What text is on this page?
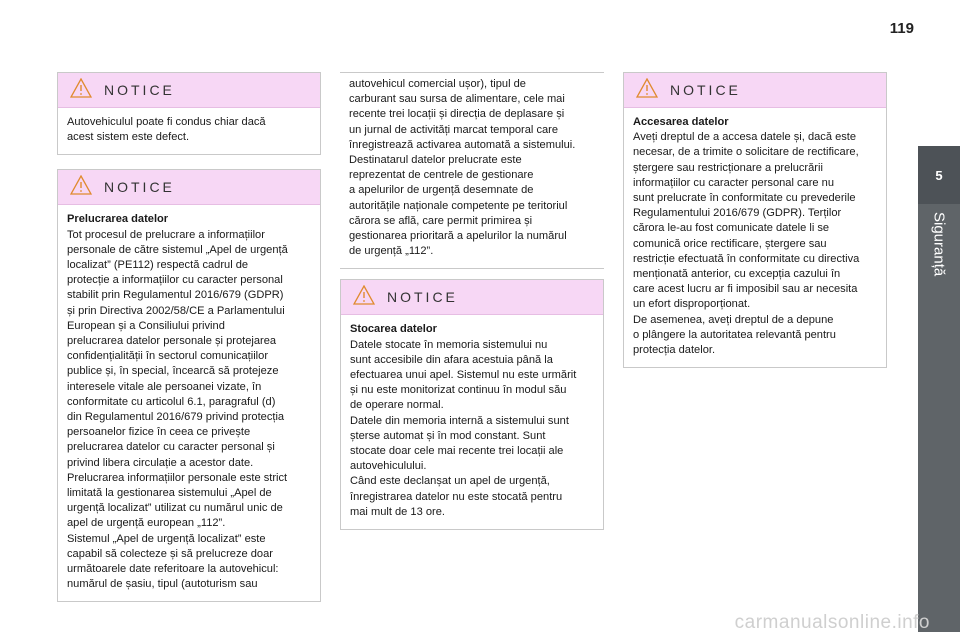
119
5
Siguranță
NOTICE
Autovehiculul poate fi condus chiar dacă
acest sistem este defect.
NOTICE
Prelucrarea datelor
Tot procesul de prelucrare a informațiilor
personale de către sistemul „Apel de urgență
localizat” (PE112) respectă cadrul de
protecție a informațiilor cu caracter personal
stabilit prin Regulamentul 2016/679 (GDPR)
și prin Directiva 2002/58/CE a Parlamentului
European și a Consiliului privind
prelucrarea datelor personale și protejarea
confidențialității în sectorul comunicațiilor
publice și, în special, încearcă să protejeze
interesele vitale ale persoanei vizate, în
conformitate cu articolul 6.1, paragraful (d)
din Regulamentul 2016/679 privind protecția
persoanelor fizice în ceea ce privește
prelucrarea datelor cu caracter personal și
privind libera circulație a acestor date.
Prelucrarea informațiilor personale este strict
limitată la gestionarea sistemului „Apel de
urgență localizat” utilizat cu numărul unic de
apel de urgență european „112”.
Sistemul „Apel de urgență localizat” este
capabil să colecteze și să prelucreze doar
următoarele date referitoare la autovehicul:
numărul de șasiu, tipul (autoturism sau
autovehicul comercial ușor), tipul de
carburant sau sursa de alimentare, cele mai
recente trei locații și direcția de deplasare și
un jurnal de activități marcat temporal care
înregistrează activarea automată a sistemului.
Destinatarul datelor prelucrate este
reprezentat de centrele de gestionare
a apelurilor de urgență desemnate de
autoritățile naționale competente pe teritoriul
cărora se află, care permit primirea și
gestionarea prioritară a apelurilor la numărul
de urgență „112”.
NOTICE
Stocarea datelor
Datele stocate în memoria sistemului nu
sunt accesibile din afara acestuia până la
efectuarea unui apel. Sistemul nu este urmărit
și nu este monitorizat continuu în modul său
de operare normal.
Datele din memoria internă a sistemului sunt
șterse automat și în mod constant. Sunt
stocate doar cele mai recente trei locații ale
autovehiculului.
Când este declanșat un apel de urgență,
înregistrarea datelor nu este stocată pentru
mai mult de 13 ore.
NOTICE
Accesarea datelor
Aveți dreptul de a accesa datele și, dacă este
necesar, de a trimite o solicitare de rectificare,
ștergere sau restricționare a prelucrării
informațiilor cu caracter personal care nu
sunt prelucrate în conformitate cu prevederile
Regulamentului 2016/679 (GDPR). Terților
cărora le-au fost comunicate datele li se
comunică orice rectificare, ștergere sau
restricție efectuată în conformitate cu directiva
menționată anterior, cu excepția cazului în
care acest lucru ar fi imposibil sau ar necesita
un efort disproporționat.
De asemenea, aveți dreptul de a depune
o plângere la autoritatea relevantă pentru
protecția datelor.
carmanualsonline.info
